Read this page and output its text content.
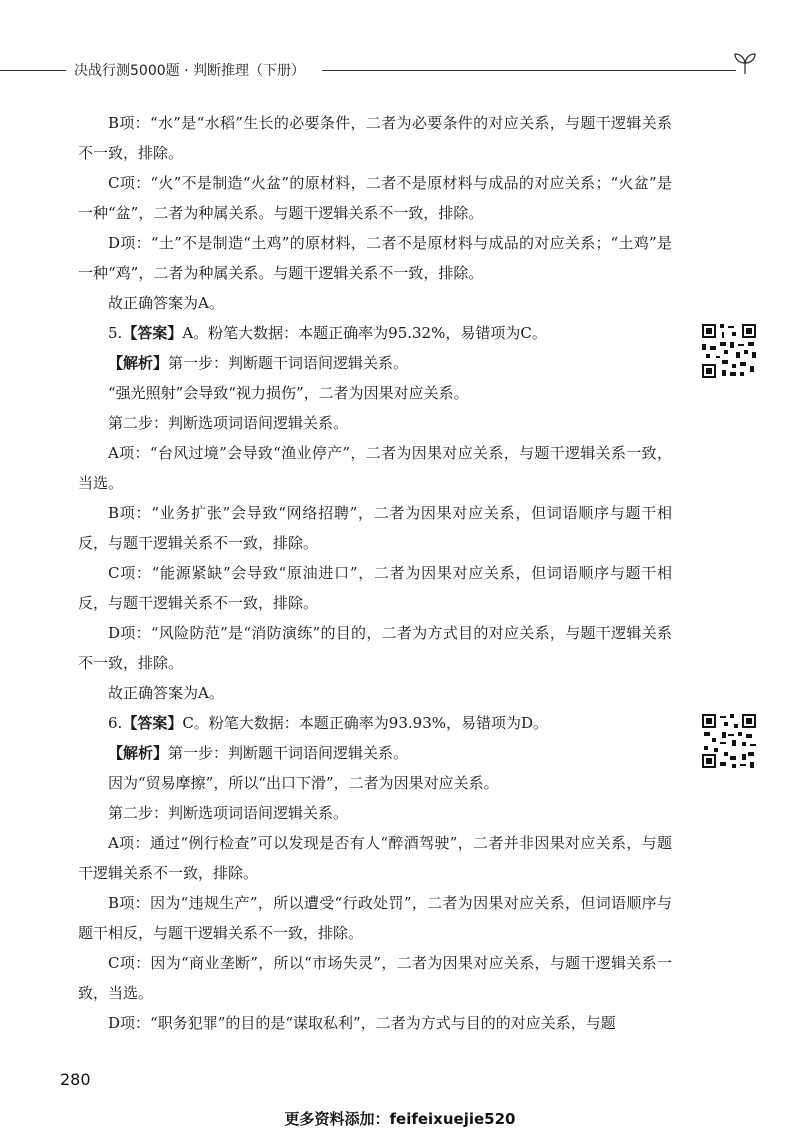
决战行测5000题 · 判断推理（下册）

B项：“水”是“水稻”生长的必要条件，二者为必要条件的对应关系，与题干逻辑关系不一致，排除。

C项：“火”不是制造“火盆”的原材料，二者不是原材料与成品的对应关系；“火盆”是一种“盆”，二者为种属关系。与题干逻辑关系不一致，排除。

D项：“土”不是制造“土鸡”的原材料，二者不是原材料与成品的对应关系；“土鸡”是一种“鸡”，二者为种属关系。与题干逻辑关系不一致，排除。

故正确答案为A。

5.【答案】A。粉笔大数据：本题正确率为95.32%，易错项为C。

【解析】第一步：判断题干词语间逻辑关系。

“强光照射”会导致“视力损伤”，二者为因果对应关系。

第二步：判断选项词语间逻辑关系。

A项：“台风过境”会导致“渔业停产”，二者为因果对应关系，与题干逻辑关系一致，当选。

B项：“业务扩张”会导致“网络招聘”，二者为因果对应关系，但词语顺序与题干相反，与题干逻辑关系不一致，排除。

C项：“能源紧缺”会导致“原油进口”，二者为因果对应关系，但词语顺序与题干相反，与题干逻辑关系不一致，排除。

D项：“风险防范”是“消防演练”的目的，二者为方式目的对应关系，与题干逻辑关系不一致，排除。

故正确答案为A。

6.【答案】C。粉笔大数据：本题正确率为93.93%，易错项为D。

【解析】第一步：判断题干词语间逻辑关系。

因为“贸易摩擦”，所以“出口下滑”，二者为因果对应关系。

第二步：判断选项词语间逻辑关系。

A项：通过“例行检查”可以发现是否有人“醉酒驾驶”，二者并非因果对应关系，与题干逻辑关系不一致，排除。

B项：因为“违规生产”，所以遭受“行政处罚”，二者为因果对应关系，但词语顺序与题干相反，与题干逻辑关系不一致，排除。

C项：因为“商业垄断”，所以“市场失灵”，二者为因果对应关系，与题干逻辑关系一致，当选。

D项：“职务犯罪”的目的是“谋取私利”，二者为方式与目的的对应关系，与题

280
更多资料添加：feifeixuejie520
